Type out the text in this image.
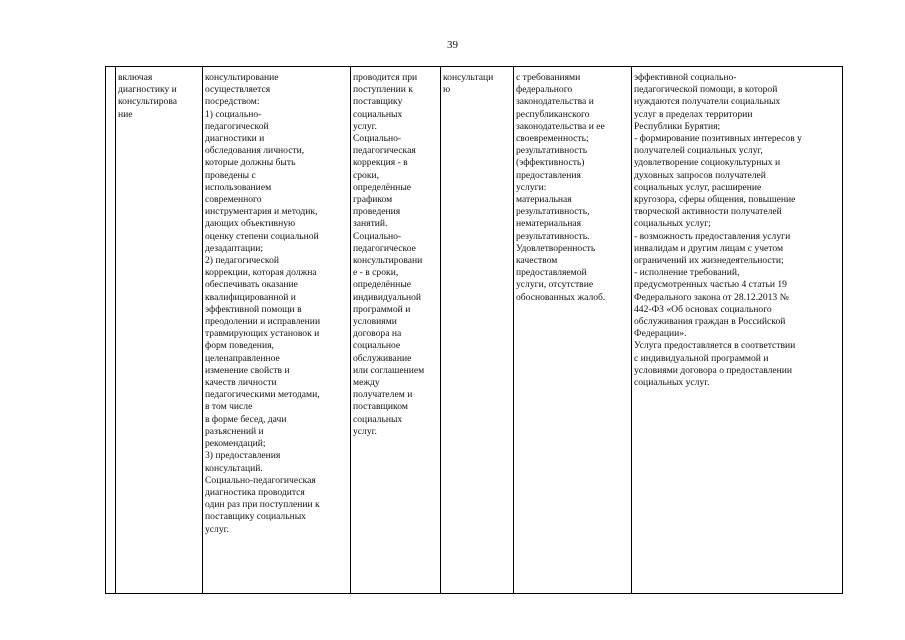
39
	включая
диагностику и
консультирова
ние	консультирование
осуществляется
посредством:
1) социально-
педагогической
диагностики и
обследования личности,
которые должны быть
проведены с
использованием
современного
инструментария и методик,
дающих объективную
оценку степени социальной
дезадаптации;
2) педагогической
коррекции, которая должна
обеспечивать оказание
квалифицированной и
эффективной помощи в
преодолении и исправлении
травмирующих установок и
форм поведения,
целенаправленное
изменение свойств и
качеств личности
педагогическими методами,
в том числе
в форме бесед, дачи
разъяснений и
рекомендаций;
3) предоставления
консультаций.
Социально-педагогическая
диагностика проводится
один раз при поступлении к
поставщику социальных
услуг.	проводится при
поступлении к
поставщику
социальных
услуг.
Социально-
педагогическая
коррекция - в
сроки,
определённые
графиком
проведения
занятий.
Социально-
педагогическое
консультировани
е - в сроки,
определённые
индивидуальной
программой и
условиями
договора на
социальное
обслуживание
или соглашением
между
получателем и
поставщиком
социальных
услуг.	консультаци
ю	с требованиями
федерального
законодательства и
республиканского
законодательства и ее
своевременность;
результативность
(эффективность)
предоставления
услуги:
материальная
результативность,
нематериальная
результативность.
Удовлетворенность
качеством
предоставляемой
услуги, отсутствие
обоснованных жалоб.	эффективной социально-
педагогической помощи, в которой
нуждаются получатели социальных
услуг в пределах территории
Республики Бурятия;
- формирование позитивных интересов у
получателей социальных услуг,
удовлетворение социокультурных и
духовных запросов получателей
социальных услуг, расширение
кругозора, сферы общения, повышение
творческой активности получателей
социальных услуг;
- возможность предоставления услуги
инвалидам и другим лицам с учетом
ограничений их жизнедеятельности;
- исполнение требований,
предусмотренных частью 4 статьи 19
Федерального закона от 28.12.2013 №
442-ФЗ «Об основах социального
обслуживания граждан в Российской
Федерации».
Услуга предоставляется в соответствии
с индивидуальной программой и
условиями договора о предоставлении
социальных услуг.
